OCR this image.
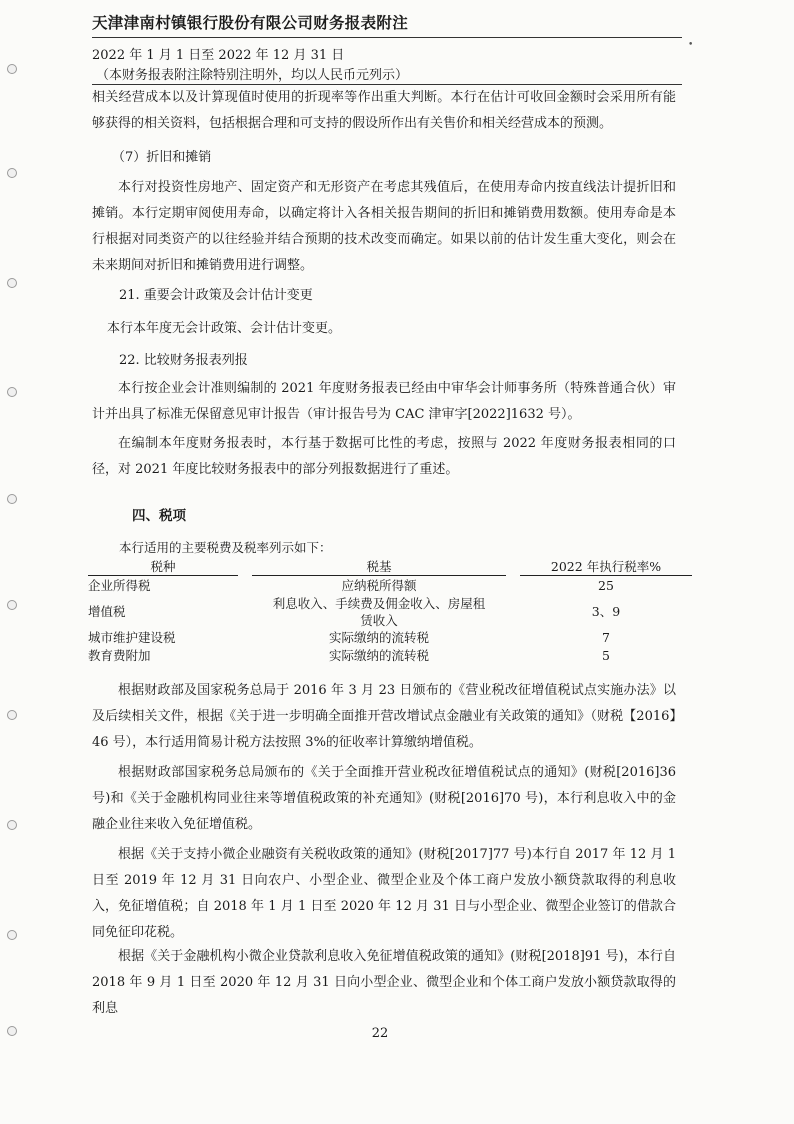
天津津南村镇银行股份有限公司财务报表附注
2022 年 1 月 1 日至 2022 年 12 月 31 日
（本财务报表附注除特别注明外，均以人民币元列示）
•

相关经营成本以及计算现值时使用的折现率等作出重大判断。本行在估计可收回金额时会采用所有能够获得的相关资料，包括根据合理和可支持的假设所作出有关售价和相关经营成本的预测。

（7）折旧和摊销

本行对投资性房地产、固定资产和无形资产在考虑其残值后，在使用寿命内按直线法计提折旧和摊销。本行定期审阅使用寿命，以确定将计入各相关报告期间的折旧和摊销费用数额。使用寿命是本行根据对同类资产的以往经验并结合预期的技术改变而确定。如果以前的估计发生重大变化，则会在未来期间对折旧和摊销费用进行调整。

21. 重要会计政策及会计估计变更
本行本年度无会计政策、会计估计变更。
22. 比较财务报表列报

本行按企业会计准则编制的 2021 年度财务报表已经由中审华会计师事务所（特殊普通合伙）审计并出具了标准无保留意见审计报告（审计报告号为 CAC 津审字[2022]1632 号）。

在编制本年度财务报表时，本行基于数据可比性的考虑，按照与 2022 年度财务报表相同的口径，对 2021 年度比较财务报表中的部分列报数据进行了重述。

四、税项
本行适用的主要税费及税率列示如下：
税种		税基		2022 年执行税率%

企业所得税		应纳税所得额		25
增值税		利息收入、手续费及佣金收入、房屋租赁收入		3、9
城市维护建设税		实际缴纳的流转税		7
教育费附加		实际缴纳的流转税		5

根据财政部及国家税务总局于 2016 年 3 月 23 日颁布的《营业税改征增值税试点实施办法》以及后续相关文件，根据《关于进一步明确全面推开营改增试点金融业有关政策的通知》（财税【2016】46 号），本行适用简易计税方法按照 3%的征收率计算缴纳增值税。

根据财政部国家税务总局颁布的《关于全面推开营业税改征增值税试点的通知》(财税[2016]36 号)和《关于金融机构同业往来等增值税政策的补充通知》(财税[2016]70 号)，本行利息收入中的金融企业往来收入免征增值税。

根据《关于支持小微企业融资有关税收政策的通知》(财税[2017]77 号)本行自 2017 年 12 月 1 日至 2019 年 12 月 31 日向农户、小型企业、微型企业及个体工商户发放小额贷款取得的利息收入，免征增值税；自 2018 年 1 月 1 日至 2020 年 12 月 31 日与小型企业、微型企业签订的借款合同免征印花税。

根据《关于金融机构小微企业贷款利息收入免征增值税政策的通知》(财税[2018]91 号)，本行自 2018 年 9 月 1 日至 2020 年 12 月 31 日向小型企业、微型企业和个体工商户发放小额贷款取得的利息

22
